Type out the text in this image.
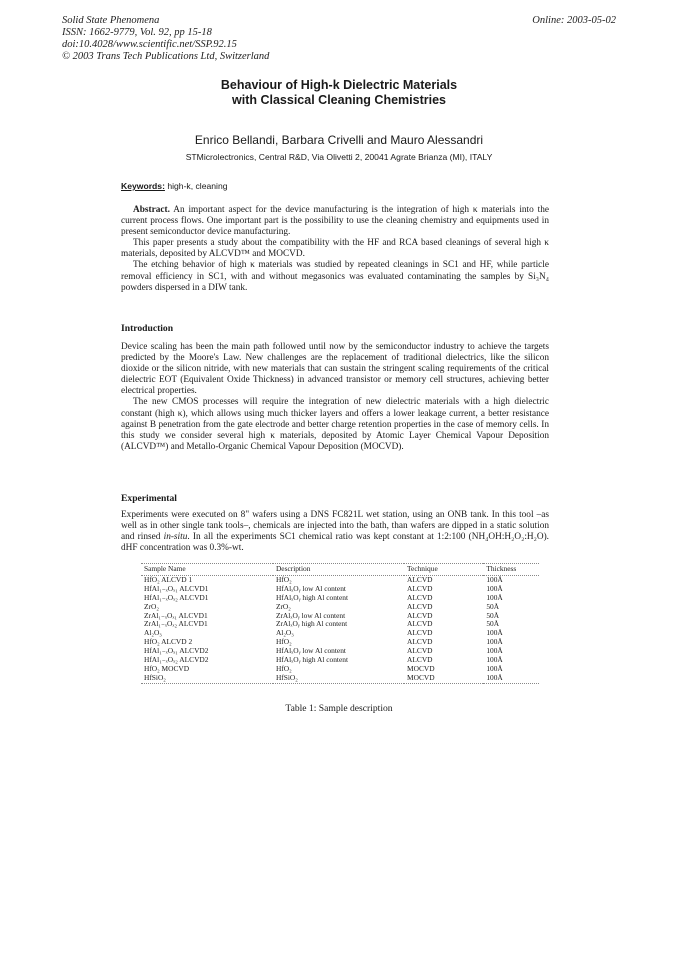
Solid State Phenomena
ISSN: 1662-9779, Vol. 92, pp 15-18
doi:10.4028/www.scientific.net/SSP.92.15
© 2003 Trans Tech Publications Ltd, Switzerland
Online: 2003-05-02
Behaviour of High-k Dielectric Materials
with Classical Cleaning Chemistries
Enrico Bellandi, Barbara Crivelli and Mauro Alessandri
STMicrolectronics, Central R&D, Via Olivetti 2, 20041 Agrate Brianza (MI), ITALY
Keywords: high-k, cleaning

Abstract. An important aspect for the device manufacturing is the integration of high κ materials into the current process flows. One important part is the possibility to use the cleaning chemistry and equipments used in present semiconductor device manufacturing.

This paper presents a study about the compatibility with the HF and RCA based cleanings of several high κ materials, deposited by ALCVD™ and MOCVD.

The etching behavior of high κ materials was studied by repeated cleanings in SC1 and HF, while particle removal efficiency in SC1, with and without megasonics was evaluated contaminating the samples by Si₃N₄ powders dispersed in a DIW tank.

Introduction

Device scaling has been the main path followed until now by the semiconductor industry to achieve the targets predicted by the Moore's Law. New challenges are the replacement of traditional dielectrics, like the silicon dioxide or the silicon nitride, with new materials that can sustain the stringent scaling requirements of the critical dielectric EOT (Equivalent Oxide Thickness) in advanced transistor or memory cell structures, achieving better electrical properties.

The new CMOS processes will require the integration of new dielectric materials with a high dielectric constant (high κ), which allows using much thicker layers and offers a lower leakage current, a better resistance against B penetration from the gate electrode and better charge retention properties in the case of memory cells. In this study we consider several high κ materials, deposited by Atomic Layer Chemical Vapour Deposition (ALCVD™) and Metallo-Organic Chemical Vapour Deposition (MOCVD).

Experimental

Experiments were executed on 8" wafers using a DNS FC821L wet station, using an ONB tank. In this tool –as well as in other single tank tools–, chemicals are injected into the bath, than wafers are dipped in a static solution and rinsed in-situ. In all the experiments SC1 chemical ratio was kept constant at 1:2:100 (NH₄OH:H₂O₂:H₂O). dHF concentration was 0.3%-wt.

Sample Name	Description	Technique	Thickness
HfO₂ ALCVD 1	HfO₂	ALCVD	100Å
HfAl₁₋ₓOₓ₁ ALCVD1	HfAlₓOᵧ low Al content	ALCVD	100Å
HfAl₁₋ₓOₓ₂ ALCVD1	HfAlₓOᵧ high Al content	ALCVD	100Å
ZrO₂	ZrO₂	ALCVD	50Å
ZrAl₁₋ₓOₓ₁ ALCVD1	ZrAlₓOᵧ low Al content	ALCVD	50Å
ZrAl₁₋ₓOₓ₂ ALCVD1	ZrAlₓOᵧ high Al content	ALCVD	50Å
Al₂O₃	Al₂O₃	ALCVD	100Å
HfO₂ ALCVD 2	HfO₂	ALCVD	100Å
HfAl₁₋ₓOₓ₁ ALCVD2	HfAlₓOᵧ low Al content	ALCVD	100Å
HfAl₁₋ₓOₓ₂ ALCVD2	HfAlₓOᵧ high Al content	ALCVD	100Å
HfO₂ MOCVD	HfO₂	MOCVD	100Å
HfSiO₂	HfSiO₂	MOCVD	100Å
Table 1: Sample description
